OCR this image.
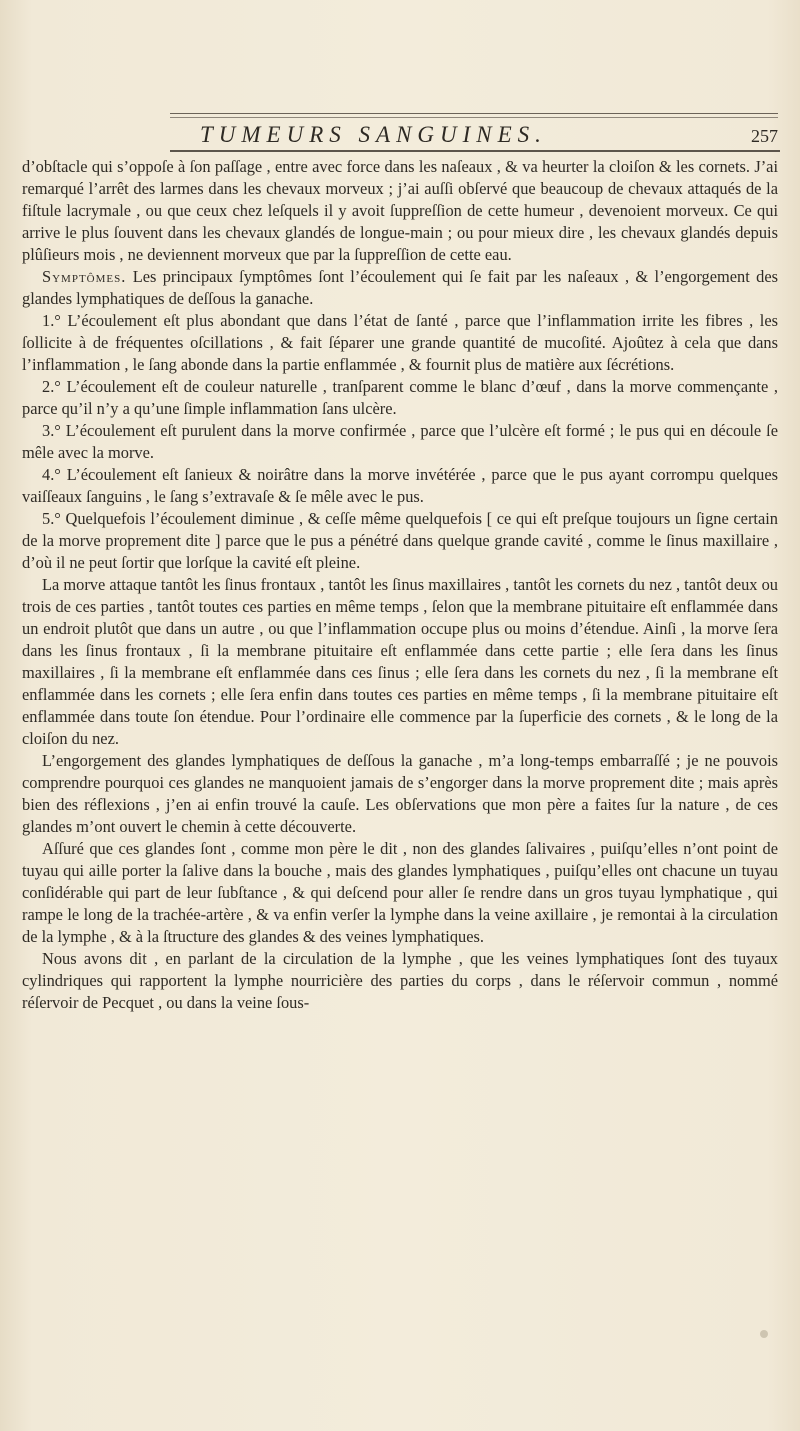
TUMEURS SANGUINES.	257

d’obſtacle qui s’oppoſe à ſon paſſage , entre avec force dans les naſeaux , & va heurter la cloiſon & les cornets. J’ai remarqué l’arrêt des larmes dans les chevaux morveux ; j’ai auſſi obſervé que beaucoup de chevaux attaqués de la fiſtule lacrymale , ou que ceux chez leſquels il y avoit ſuppreſſion de cette humeur , devenoient morveux. Ce qui arrive le plus ſouvent dans les chevaux glandés de longue-main ; ou pour mieux dire , les chevaux glandés depuis plûſieurs mois , ne deviennent morveux que par la ſuppreſſion de cette eau.

Symptômes. Les principaux ſymptômes ſont l’écoulement qui ſe fait par les naſeaux , & l’engorgement des glandes lymphatiques de deſſous la ganache.

1.° L’écoulement eſt plus abondant que dans l’état de ſanté , parce que l’inflammation irrite les fibres , les ſollicite à de fréquentes oſcillations , & fait ſéparer une grande quantité de mucoſité. Ajoûtez à cela que dans l’inflammation , le ſang abonde dans la partie enflammée , & fournit plus de matière aux ſécrétions.

2.° L’écoulement eſt de couleur naturelle , tranſparent comme le blanc d’œuf , dans la morve commençante , parce qu’il n’y a qu’une ſimple inflammation ſans ulcère.

3.° L’écoulement eſt purulent dans la morve confirmée , parce que l’ulcère eſt formé ; le pus qui en découle ſe mêle avec la morve.

4.° L’écoulement eſt ſanieux & noirâtre dans la morve invétérée , parce que le pus ayant corrompu quelques vaiſſeaux ſanguins , le ſang s’extravaſe & ſe mêle avec le pus.

5.° Quelquefois l’écoulement diminue , & ceſſe même quelquefois [ ce qui eſt preſque toujours un ſigne certain de la morve proprement dite ] parce que le pus a pénétré dans quelque grande cavité , comme le ſinus maxillaire , d’où il ne peut ſortir que lorſque la cavité eſt pleine.

La morve attaque tantôt les ſinus frontaux , tantôt les ſinus maxillaires , tantôt les cornets du nez , tantôt deux ou trois de ces parties , tantôt toutes ces parties en même temps , ſelon que la membrane pituitaire eſt enflammée dans un endroit plutôt que dans un autre , ou que l’inflammation occupe plus ou moins d’étendue. Ainſi , la morve ſera dans les ſinus frontaux , ſi la membrane pituitaire eſt enflammée dans cette partie ; elle ſera dans les ſinus maxillaires , ſi la membrane eſt enflammée dans ces ſinus ; elle ſera dans les cornets du nez , ſi la membrane eſt enflammée dans les cornets ; elle ſera enfin dans toutes ces parties en même temps , ſi la membrane pituitaire eſt enflammée dans toute ſon étendue. Pour l’ordinaire elle commence par la ſuperficie des cornets , & le long de la cloiſon du nez.

L’engorgement des glandes lymphatiques de deſſous la ganache , m’a long-temps embarraſſé ; je ne pouvois comprendre pourquoi ces glandes ne manquoient jamais de s’engorger dans la morve proprement dite ; mais après bien des réflexions , j’en ai enfin trouvé la cauſe. Les obſervations que mon père a faites ſur la nature , de ces glandes m’ont ouvert le chemin à cette découverte.

Aſſuré que ces glandes ſont , comme mon père le dit , non des glandes ſalivaires , puiſqu’elles n’ont point de tuyau qui aille porter la ſalive dans la bouche , mais des glandes lymphatiques , puiſqu’elles ont chacune un tuyau conſidérable qui part de leur ſubſtance , & qui deſcend pour aller ſe rendre dans un gros tuyau lymphatique , qui rampe le long de la trachée-artère , & va enfin verſer la lymphe dans la veine axillaire , je remontai à la circulation de la lymphe , & à la ſtructure des glandes & des veines lymphatiques.

Nous avons dit , en parlant de la circulation de la lymphe , que les veines lymphatiques ſont des tuyaux cylindriques qui rapportent la lymphe nourricière des parties du corps , dans le réſervoir commun , nommé réſervoir de Pecquet , ou dans la veine ſous-
